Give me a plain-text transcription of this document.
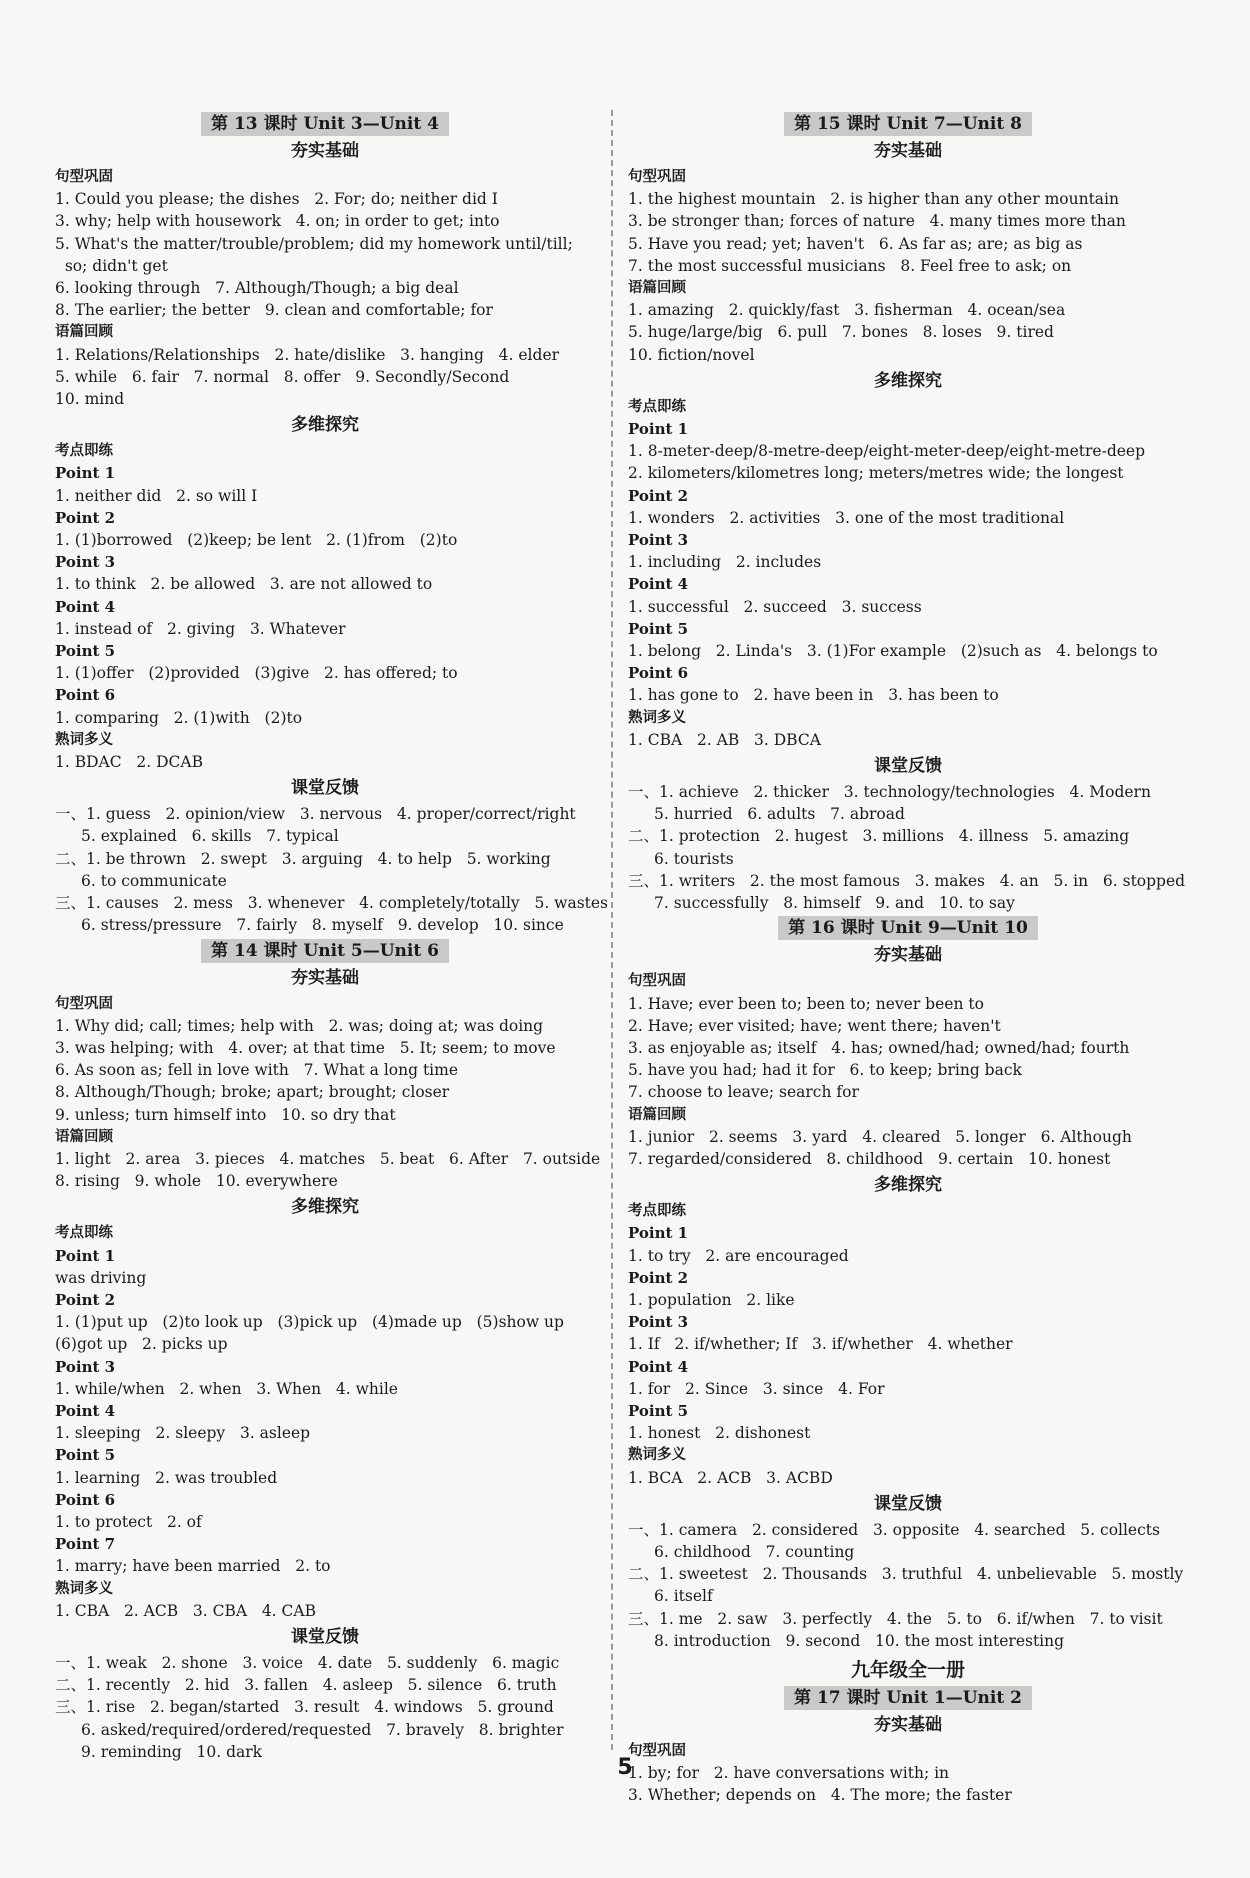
第 13 课时 Unit 3—Unit 4
夯实基础

句型巩固

1. Could you please; the dishes   2. For; do; neither did I

3. why; help with housework   4. on; in order to get; into

5. What's the matter/trouble/problem; did my homework until/till;

so; didn't get

6. looking through   7. Although/Though; a big deal

8. The earlier; the better   9. clean and comfortable; for

语篇回顾

1. Relations/Relationships   2. hate/dislike   3. hanging   4. elder

5. while   6. fair   7. normal   8. offer   9. Secondly/Second

10. mind

多维探究

考点即练

Point 1

1. neither did   2. so will I

Point 2

1. (1)borrowed   (2)keep; be lent   2. (1)from   (2)to

Point 3

1. to think   2. be allowed   3. are not allowed to

Point 4

1. instead of   2. giving   3. Whatever

Point 5

1. (1)offer   (2)provided   (3)give   2. has offered; to

Point 6

1. comparing   2. (1)with   (2)to

熟词多义

1. BDAC   2. DCAB

课堂反馈

一、1. guess   2. opinion/view   3. nervous   4. proper/correct/right

5. explained   6. skills   7. typical

二、1. be thrown   2. swept   3. arguing   4. to help   5. working

6. to communicate

三、1. causes   2. mess   3. whenever   4. completely/totally   5. wastes

6. stress/pressure   7. fairly   8. myself   9. develop   10. since

第 14 课时 Unit 5—Unit 6
夯实基础

句型巩固

1. Why did; call; times; help with   2. was; doing at; was doing

3. was helping; with   4. over; at that time   5. It; seem; to move

6. As soon as; fell in love with   7. What a long time

8. Although/Though; broke; apart; brought; closer

9. unless; turn himself into   10. so dry that

语篇回顾

1. light   2. area   3. pieces   4. matches   5. beat   6. After   7. outside

8. rising   9. whole   10. everywhere

多维探究

考点即练

Point 1

was driving

Point 2

1. (1)put up   (2)to look up   (3)pick up   (4)made up   (5)show up

(6)got up   2. picks up

Point 3

1. while/when   2. when   3. When   4. while

Point 4

1. sleeping   2. sleepy   3. asleep

Point 5

1. learning   2. was troubled

Point 6

1. to protect   2. of

Point 7

1. marry; have been married   2. to

熟词多义

1. CBA   2. ACB   3. CBA   4. CAB

课堂反馈

一、1. weak   2. shone   3. voice   4. date   5. suddenly   6. magic

二、1. recently   2. hid   3. fallen   4. asleep   5. silence   6. truth

三、1. rise   2. began/started   3. result   4. windows   5. ground

6. asked/required/ordered/requested   7. bravely   8. brighter

9. reminding   10. dark

第 15 课时 Unit 7—Unit 8
夯实基础

句型巩固

1. the highest mountain   2. is higher than any other mountain

3. be stronger than; forces of nature   4. many times more than

5. Have you read; yet; haven't   6. As far as; are; as big as

7. the most successful musicians   8. Feel free to ask; on

语篇回顾

1. amazing   2. quickly/fast   3. fisherman   4. ocean/sea

5. huge/large/big   6. pull   7. bones   8. loses   9. tired

10. fiction/novel

多维探究

考点即练

Point 1

1. 8-meter-deep/8-metre-deep/eight-meter-deep/eight-metre-deep

2. kilometers/kilometres long; meters/metres wide; the longest

Point 2

1. wonders   2. activities   3. one of the most traditional

Point 3

1. including   2. includes

Point 4

1. successful   2. succeed   3. success

Point 5

1. belong   2. Linda's   3. (1)For example   (2)such as   4. belongs to

Point 6

1. has gone to   2. have been in   3. has been to

熟词多义

1. CBA   2. AB   3. DBCA

课堂反馈

一、1. achieve   2. thicker   3. technology/technologies   4. Modern

5. hurried   6. adults   7. abroad

二、1. protection   2. hugest   3. millions   4. illness   5. amazing

6. tourists

三、1. writers   2. the most famous   3. makes   4. an   5. in   6. stopped

7. successfully   8. himself   9. and   10. to say

第 16 课时 Unit 9—Unit 10
夯实基础

句型巩固

1. Have; ever been to; been to; never been to

2. Have; ever visited; have; went there; haven't

3. as enjoyable as; itself   4. has; owned/had; owned/had; fourth

5. have you had; had it for   6. to keep; bring back

7. choose to leave; search for

语篇回顾

1. junior   2. seems   3. yard   4. cleared   5. longer   6. Although

7. regarded/considered   8. childhood   9. certain   10. honest

多维探究

考点即练

Point 1

1. to try   2. are encouraged

Point 2

1. population   2. like

Point 3

1. If   2. if/whether; If   3. if/whether   4. whether

Point 4

1. for   2. Since   3. since   4. For

Point 5

1. honest   2. dishonest

熟词多义

1. BCA   2. ACB   3. ACBD

课堂反馈

一、1. camera   2. considered   3. opposite   4. searched   5. collects

6. childhood   7. counting

二、1. sweetest   2. Thousands   3. truthful   4. unbelievable   5. mostly

6. itself

三、1. me   2. saw   3. perfectly   4. the   5. to   6. if/when   7. to visit

8. introduction   9. second   10. the most interesting

九年级全一册
第 17 课时 Unit 1—Unit 2
夯实基础

句型巩固

1. by; for   2. have conversations with; in

3. Whether; depends on   4. The more; the faster

5
